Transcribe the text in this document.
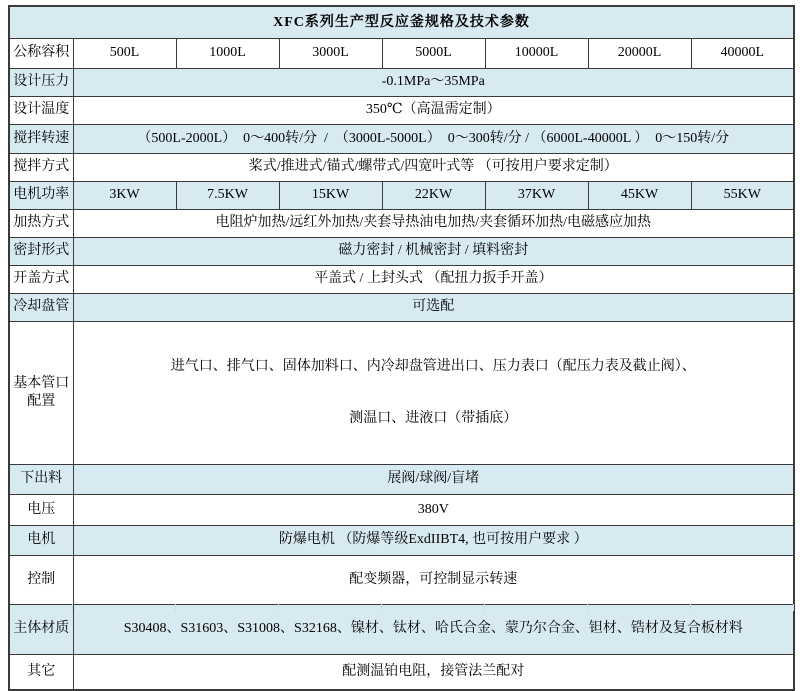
XFC系列生产型反应釜规格及技术参数							
公称容积	500L	1000L	3000L	5000L	10000L	20000L	40000L
设计压力	-0.1MPa～35MPa						
设计温度	350℃（高温需定制）						
搅拌转速	（500L-2000L）  0～400转/分  /  （3000L-5000L）  0～300转/分 / （6000L-40000L ）  0～150转/分						
搅拌方式	桨式/推进式/锚式/螺带式/四宽叶式等 （可按用户要求定制）						
电机功率	3KW	7.5KW	15KW	22KW	37KW	45KW	55KW
加热方式	电阻炉加热/远红外加热/夹套导热油电加热/夹套循环加热/电磁感应加热						
密封形式	磁力密封 / 机械密封 / 填料密封						
开盖方式	平盖式 / 上封头式 （配扭力扳手开盖）						
冷却盘管	可选配						
基本管口配置	进气口、排气口、固体加料口、内冷却盘管进出口、压力表口（配压力表及截止阀）、

测温口、进液口（带插底）						

下出料	展阀/球阀/盲堵						
电压	380V						
电机	防爆电机 （防爆等级ExdIIBT4, 也可按用户要求 ）						
控制	配变频器，可控制显示转速						
主体材质	S30408、S31603、S31008、S32168、镍材、钛材、哈氏合金、蒙乃尔合金、钽材、锆材及复合板材料						
其它	配测温铂电阻，接管法兰配对						
